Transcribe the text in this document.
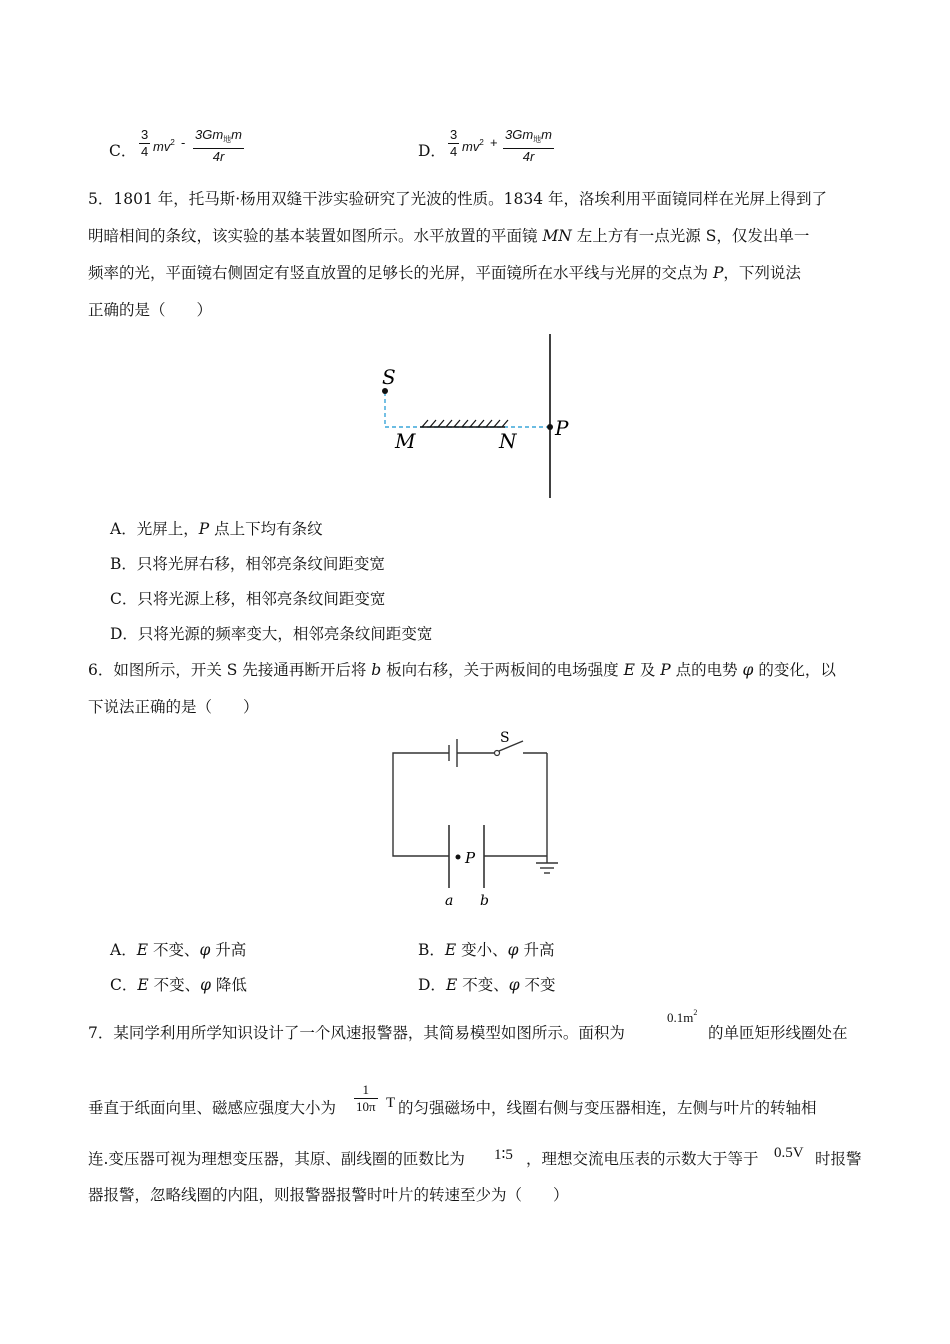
C．
3
4 $mv^2$ -
$3Gm_地m$
4r	D．
3
4 $mv^2$ +
$3Gm_地m$
4r
5．1801 年，托马斯·杨用双缝干涉实验研究了光波的性质。1834 年，洛埃利用平面镜同样在光屏上得到了
明暗相间的条纹，该实验的基本装置如图所示。水平放置的平面镜 MN 左上方有一点光源 S，仅发出单一
频率的光，平面镜右侧固定有竖直放置的足够长的光屏，平面镜所在水平线与光屏的交点为 P，下列说法
正确的是（　　）
S
M	N
P
A．光屏上，P 点上下均有条纹
B．只将光屏右移，相邻亮条纹间距变宽
C．只将光源上移，相邻亮条纹间距变宽
D．只将光源的频率变大，相邻亮条纹间距变宽
6．如图所示，开关 S 先接通再断开后将 b 板向右移，关于两板间的电场强度 E 及 P 点的电势 φ 的变化，以
下说法正确的是（　　）
S
P
a b
A．E 不变、φ 升高	B．E 变小、φ 升高
C．E 不变、φ 降低	D．E 不变、φ 不变
7．某同学利用所学知识设计了一个风速报警器，其简易模型如图所示。面积为
$0.1m^2$
的单匝矩形线圈处在
垂直于纸面向里、磁感应强度大小为
1
10π T 的匀强磁场中，线圈右侧与变压器相连，左侧与叶片的转轴相
连.变压器可视为理想变压器，其原、副线圈的匝数比为 1∶5 ，理想交流电压表的示数大于等于 0.5V 时报警
器报警，忽略线圈的内阻，则报警器报警时叶片的转速至少为（　　）
